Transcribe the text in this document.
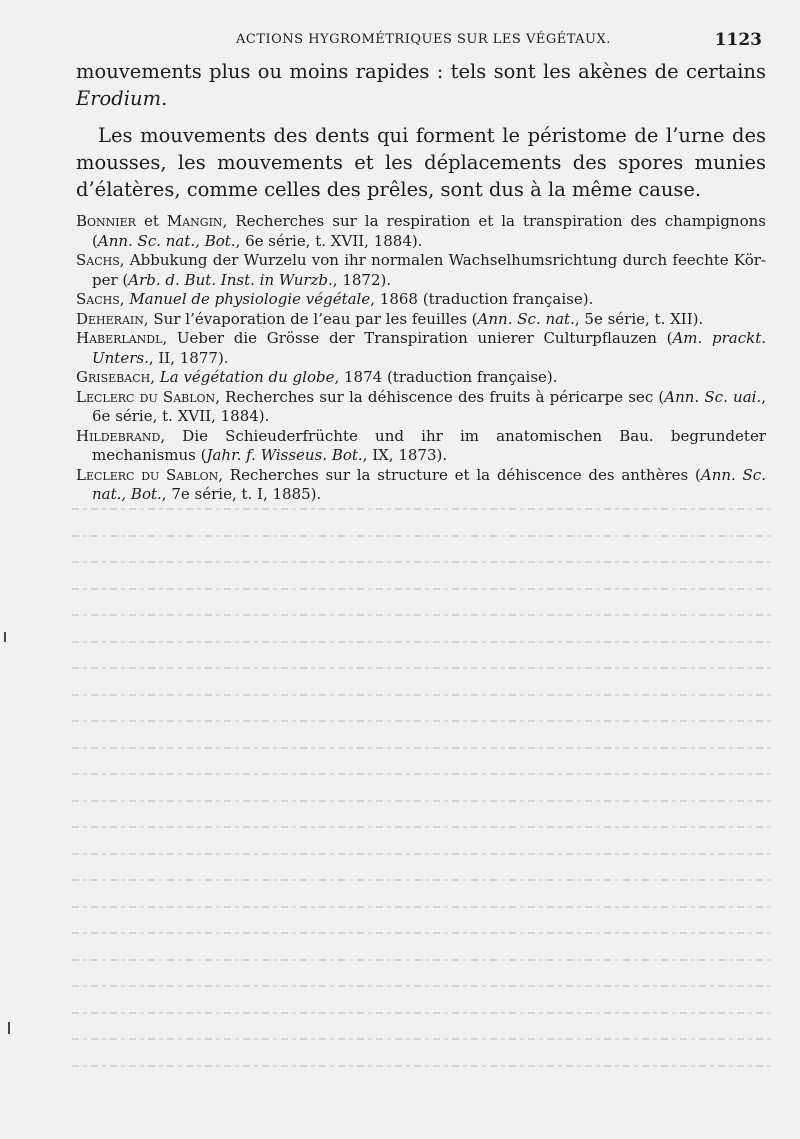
ACTIONS HYGROMÉTRIQUES SUR LES VÉGÉTAUX.	1123

mouvements plus ou moins rapides : tels sont les akènes de certains Erodium.

Les mouvements des dents qui forment le péristome de l’urne des mousses, les mouvements et les déplacements des spores munies d’élatères, comme celles des prêles, sont dus à la même cause.

Bonnier et Mangin, Recherches sur la respiration et la transpiration des champignons (Ann. Sc. nat., Bot., 6e série, t. XVII, 1884).

Sachs, Abbukung der Wurzelu von ihr normalen Wachselhumsrichtung durch feechte Kör-per (Arb. d. But. Inst. in Wurzb., 1872).

Sachs, Manuel de physiologie végétale, 1868 (traduction française).

Deherain, Sur l’évaporation de l’eau par les feuilles (Ann. Sc. nat., 5e série, t. XII).

Haberlandl, Ueber die Grösse der Transpiration unierer Culturpflauzen (Am. prackt. Unters., II, 1877).

Grisebach, La végétation du globe, 1874 (traduction française).

Leclerc du Sablon, Recherches sur la déhiscence des fruits à péricarpe sec (Ann. Sc. uai., 6e série, t. XVII, 1884).

Hildebrand, Die Schieuderfrüchte und ihr im anatomischen Bau. begrundeter mechanismus (Jahr. f. Wisseus. Bot., IX, 1873).

Leclerc du Sablon, Recherches sur la structure et la déhiscence des anthères (Ann. Sc. nat., Bot., 7e série, t. I, 1885).
